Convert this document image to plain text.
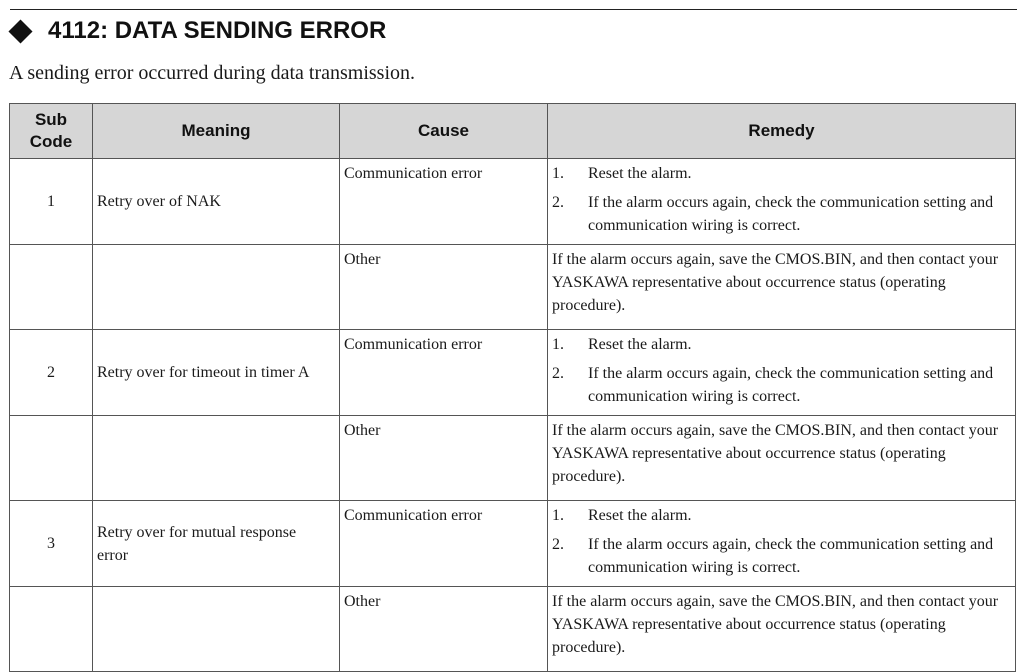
4112: DATA SENDING ERROR
A sending error occurred during data transmission.
Sub
Code	Meaning	Cause	Remedy
1	Retry over of NAK	Communication error	1. Reset the alarm.
2. If the alarm occurs again, check the communication setting and communication wiring is correct.

		Other	If the alarm occurs again, save the CMOS.BIN, and then contact your YASKAWA representative about occurrence status (operating procedure).
2	Retry over for timeout in timer A	Communication error	1. Reset the alarm.
2. If the alarm occurs again, check the communication setting and communication wiring is correct.

		Other	If the alarm occurs again, save the CMOS.BIN, and then contact your YASKAWA representative about occurrence status (operating procedure).
3	Retry over for mutual response error	Communication error	1. Reset the alarm.
2. If the alarm occurs again, check the communication setting and communication wiring is correct.

		Other	If the alarm occurs again, save the CMOS.BIN, and then contact your YASKAWA representative about occurrence status (operating procedure).
